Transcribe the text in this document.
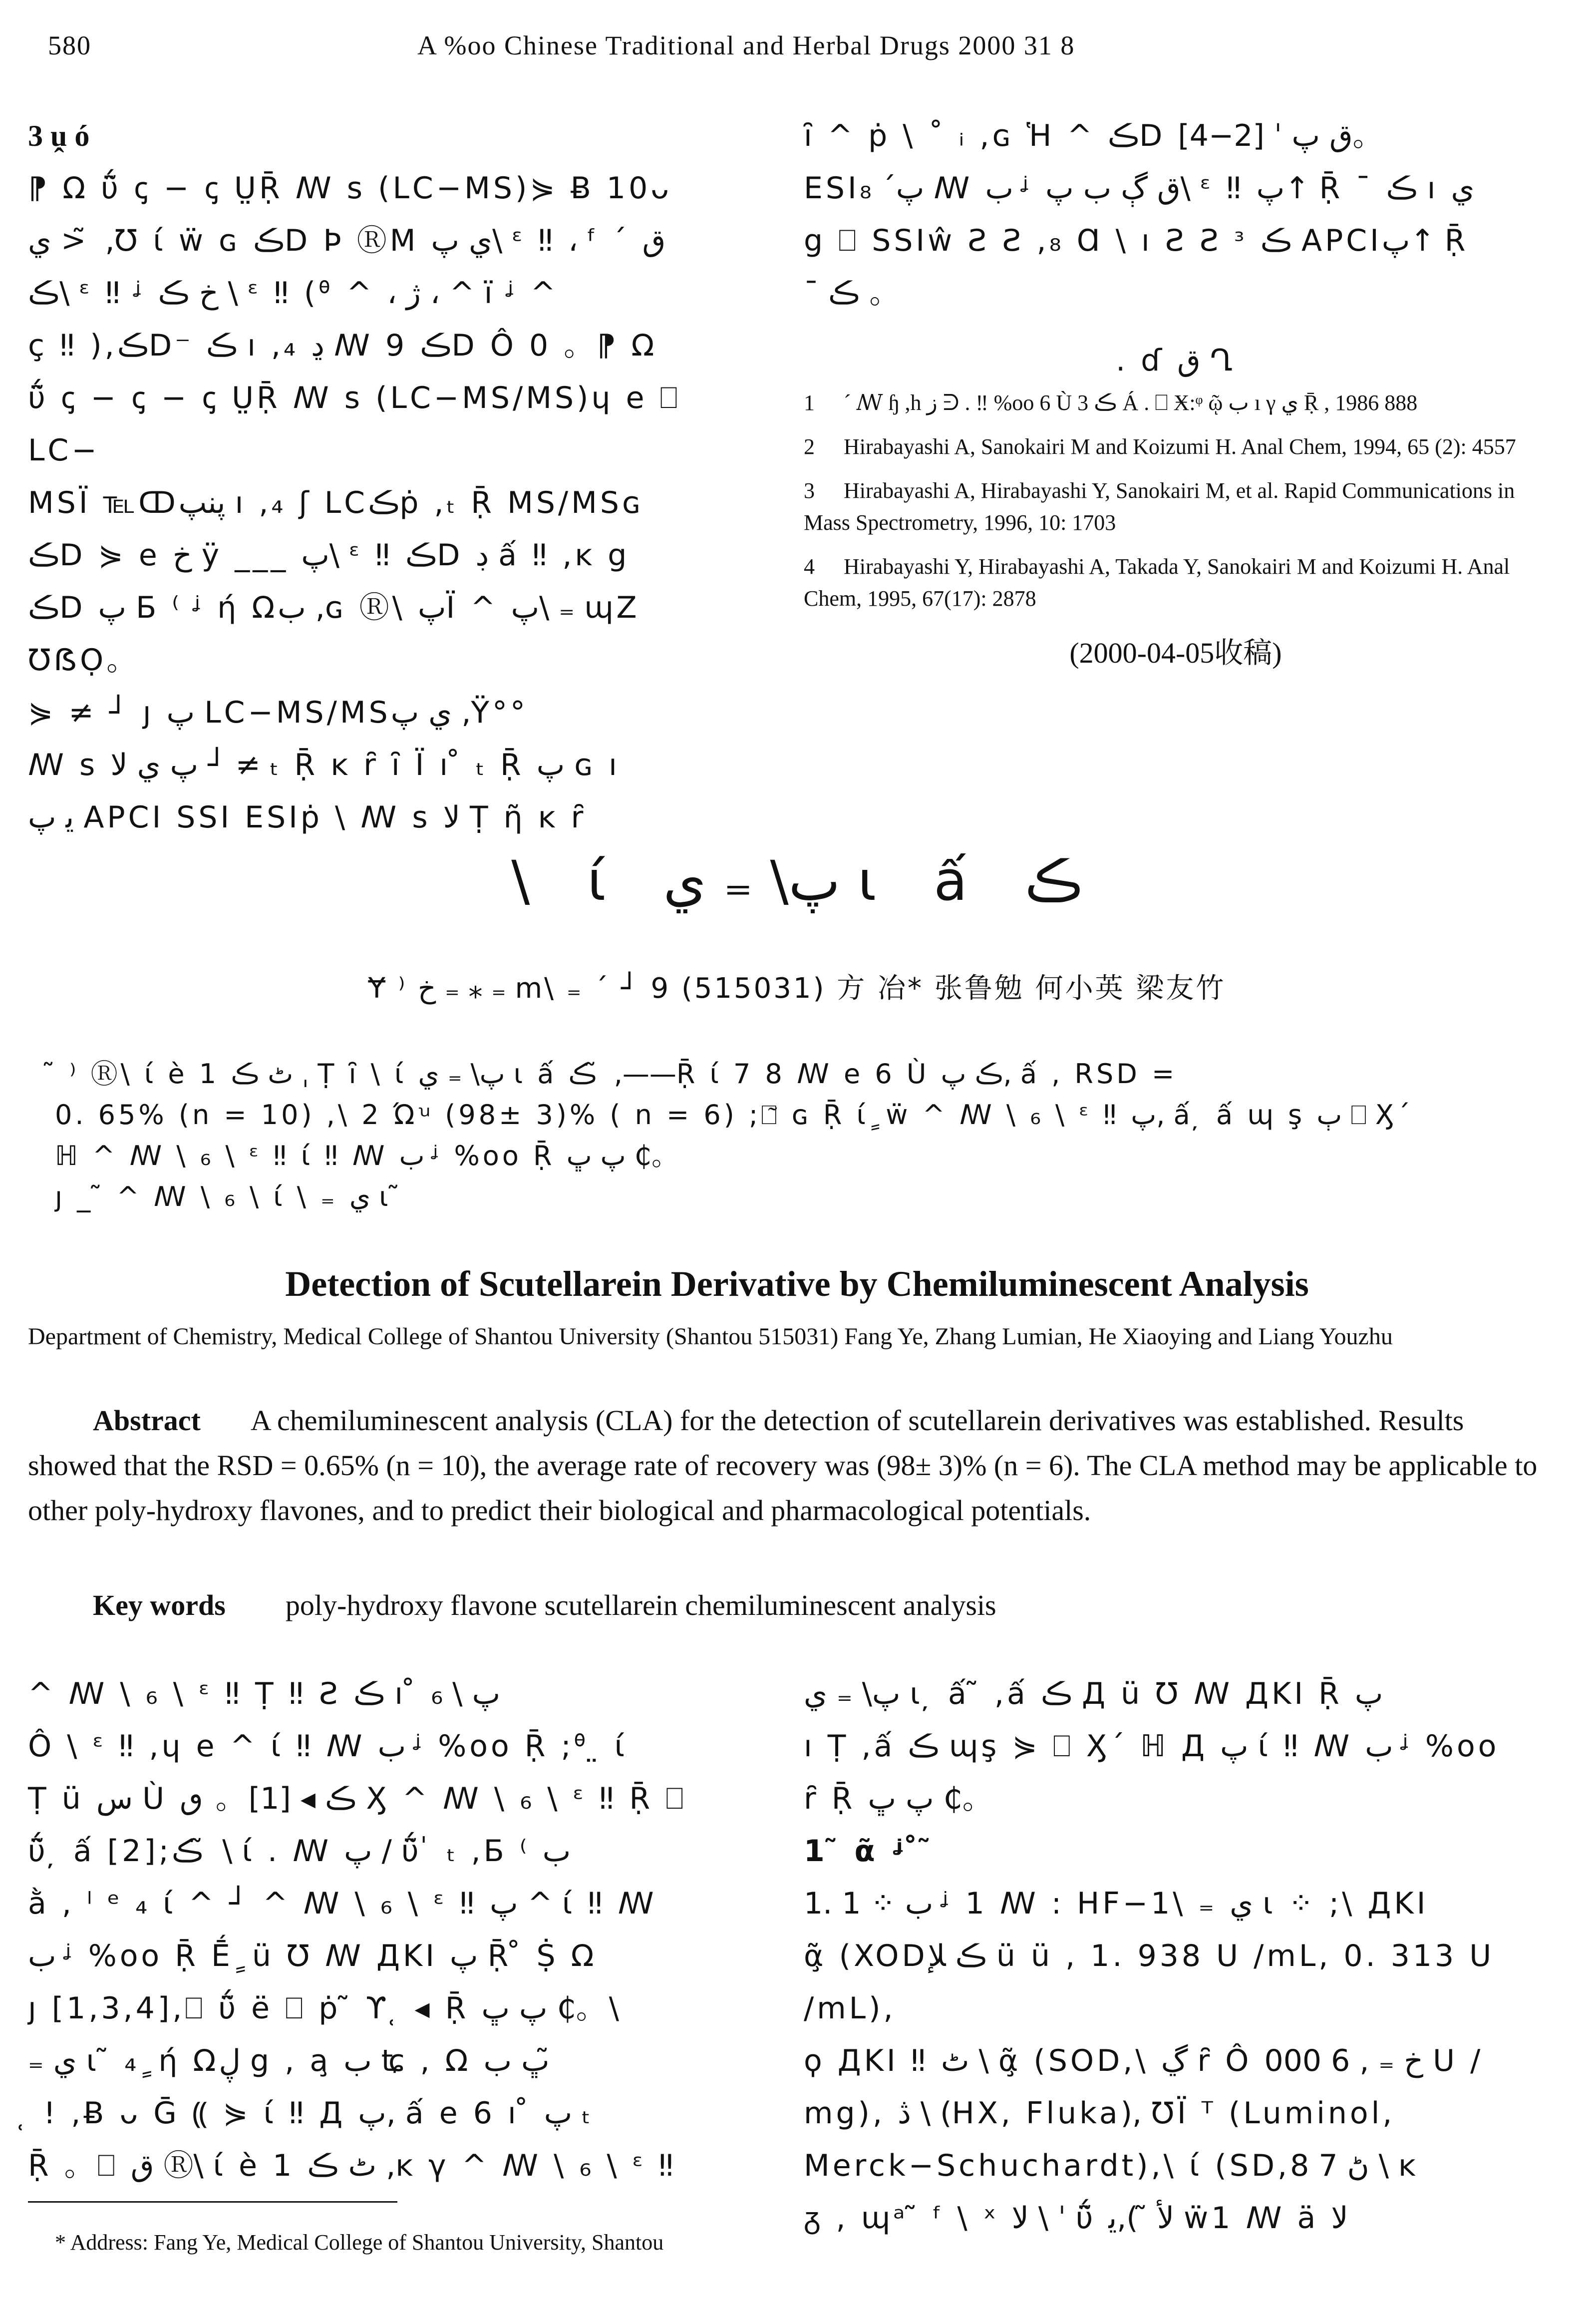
580	A %oo Chinese Traditional and Herbal Drugs 2000 31 8

3 ṷ ó

⁋ Ω ΰ̃ ꞔ − ꞔ ṲṜ ꟿ s (LC−MS)⋟ Ƀ 10ᴗ

ي > ̃ ,Ʊ ί ẅ ɢ ڪD Þ ⓇM ي پ\ ᵋ ‼ ، ᶠ ´ ق

ڪ\ ᵋ ‼ ᶨ خ ڪ \ ᵋ ‼ (ᶿ ^ ، ژ ، ^ ï ᶨ ^

ç ‼ ),ڪD⁻ ڪ ı ,₄ ڍ ꟿ 9 ڪD Ô 0 。⁋ Ω

ΰ̃ ꞔ − ꞔ − ꞔ ṲṜ ꟿ s (LC−MS/MS)ɥ e ⎕ LC−

MSÏ ℡ↀپنپ ı ,₄ ʃ LCڪṗ ,ₜ Ṝ MS/MSɢ

ڪD ⋟ e خ ÿ ___ پ\ ᵋ ‼ ڪD ڊ ấ ‼ ,ĸ g

ڪD پ Ƃ ⁽ ᶨ ή Ωب ,ɢ Ⓡ\ پÏ ^ پ\ ₌ ɰZ

ƱẞỌ。

⋟ ≠ ┘ ȷ پ LC−MS/MSي پ ,Ϋ°°

ꟿ s پ ي ﻻ ┘ ≠ ₜ Ṝ ĸ ȓ ȋ Ï ı ̊ ₜ Ṝ پ ɢ ı

ﯾ پ APCI SSI ESIṗ \ ꟿ s ﻻ Ṭ ῆ ĸ ȓ

ȋ ^ ṗ \ ˚ ᵢ ,ɢ Ἡ ^ ڪD ق پ ˈ [2−4]。

ESIپ´ ₈ ꟿ ب ᶨ ق ڳ ب پ\ ᵋ ‼ پ↑ Ṝ ¯ ڪ ı ي

g ⎕ SSIŵ Ƨ Ƨ ,₈ Ɑ \ ı Ƨ Ƨ ᶟ ڪ APCIپ↑ Ṝ

¯ ڪ 。

. ɗ ق Ղ

1 ´ ꟿ ɧ ,h ز ᕭ . ‼ %oo 6 Ù ڪ 3 Á . ⎕ Ӿ:ᵠ ῷ ب ı γ ي Ṝ , 1986 888
2 Hirabayashi A, Sanokairi M and Koizumi H. Anal Chem, 1994, 65 (2): 4557
3 Hirabayashi A, Hirabayashi Y, Sanokairi M, et al. Rapid Communications in Mass Spectrometry, 1996, 10: 1703
4 Hirabayashi Y, Hirabayashi A, Takada Y, Sanokairi M and Koizumi H. Anal Chem, 1995, 67(17): 2878

(2000-04-05收稿)

\ ί پ\ ₌ ي ι ấ ڪ
Ɏ ⁾ خ ₌ ⁎ ₌ m\ ₌ ´ ┘ 9 (515031) 方 冶* 张鲁勉 何小英 梁友竹

̃ ⁾ Ⓡ\ ί è 1 ٹ ڪ ˌ Ṭ ȋ \ ί پ\ ₌ ي ι ấ ڪ ̃ ,——Ṝ ί 7 8 ꟿ e 6 Ù ڪ پ, ấ , RSD =

0. 65% (n = 10) ,\ 2 Ώꭟ (98± 3)% ( n = 6) ;⎕̃ ɢ Ṝ ί ٍ ẅ ^ ꟿ \ ₆ \ ᵋ ‼ پ, ấ ̦ ấ ɰ ş ٻ ⎕ Ӽ´

ℍ ^ ꟿ \ ₆ \ ᵋ ‼ ί ‼ ꟿ ب ᶨ %oo Ṝ پ ڀ ₵。

ȷ _ ̃ ^ ꟿ \ ₆ \ ί \ ₌ ي ι ̃

Detection of Scutellarein Derivative by Chemiluminescent Analysis
Department of Chemistry, Medical College of Shantou University (Shantou 515031) Fang Ye, Zhang Lumian, He Xiaoying and Liang Youzhu
Abstract A chemiluminescent analysis (CLA) for the detection of scutellarein derivatives was established. Results showed that the RSD = 0.65% (n = 10), the average rate of recovery was (98± 3)% (n = 6). The CLA method may be applicable to other poly-hydroxy flavones, and to predict their biological and pharmacological potentials.
Key words poly-hydroxy flavone scutellarein chemiluminescent analysis

^ ꟿ \ ₆ \ ᵋ ‼ Ṭ ‼ Ƨ ڪ ı ̊ پ \ ₆

Ô \ ᵋ ‼ ,ɥ e ^ ί ‼ ꟿ ب ᶨ %oo Ṝ ;ᶿ ̤ ί

Ṭ ü س Ù ڪ ◂ [1]。 ٯ Ӽ ^ ꟿ \ ₆ \ ᵋ ‼ Ṝ ⎕

ΰ̃ ̦ ấ [2];ڪ ̃ \ ί . ꟿ پ / ΰ̃ ̍ ₜ ,Ƃ ⁽ ب

ằ , ˡ ᵉ ₄ ί ^ ┘ ^ ꟿ \ ₆ \ ᵋ ‼ پ ^ ί ‼ ꟿ

ب ᶨ %oo Ṝ Ḗ ٍ ü Ʊ ꟿ ДKI پ Ṝ ̊ Ṩ Ω

ȷ [1,3,4],⎕ ΰ̃ ë ⎕ ṗ ̃ ϒ ̜ ◂ Ṝ پ ڀ ₵。\

₌ ي ι ̃ ₄ ٍ ή Ωڸ g , a̧ ب ʨ , Ω ڀ ب ̃

̜ ! ,Ƀ ᴗ Ḡ ⸨ ⋟ ί ‼ Д پ, ấ e 6 ı ̊ پ ₜ

Ṝ 。⎕ ق Ⓡ\ ί è 1 ٹ ڪ ,ĸ γ ^ ꟿ \ ₆ \ ᵋ ‼

پ\ ₌ ي ι ̦ ấ ̃ ,ấ ڪ Д ü Ʊ ꟿ ДKI Ṝ پ

ı Ṭ ,ấ ڪ ɰş ⋟ ⎕ Ӽ´ ℍ Д پ ί ‼ ꟿ ب ᶨ %oo

ȓ Ṝ پ ڀ ₵。

1 ̃ ᾶ ᶨ ̊ ̃

1. 1 ⁘ ب ᶨ 1 ꟿ : HF−1\ ₌ ي ι ⁘ ;\ ДKI

ᾶ̧ (XODڪ ﻺ ü ü , 1. 938 U /mL, 0. 313 U /mL),

ϙ ДKI ‼ ٹ \ ᾶ̧ (SOD,\ ڲ ȓ Ô خ ₌ , 6 000 U /

mg), ڎ \ (HX, Fluka), ƱÏ ᵀ (Luminol,

Merck−Schuchardt),\ ί (SD,ڻ 7 8 \ ĸ

ᵹ , ɰᵃ ̃ ᶠ \ ˣ ﻻ \ ˈ ΰ̃ ﻷ ̃ ),ﯾ ẅ1 ꟿ ä ﻻ

* Address: Fang Ye, Medical College of Shantou University, Shantou
